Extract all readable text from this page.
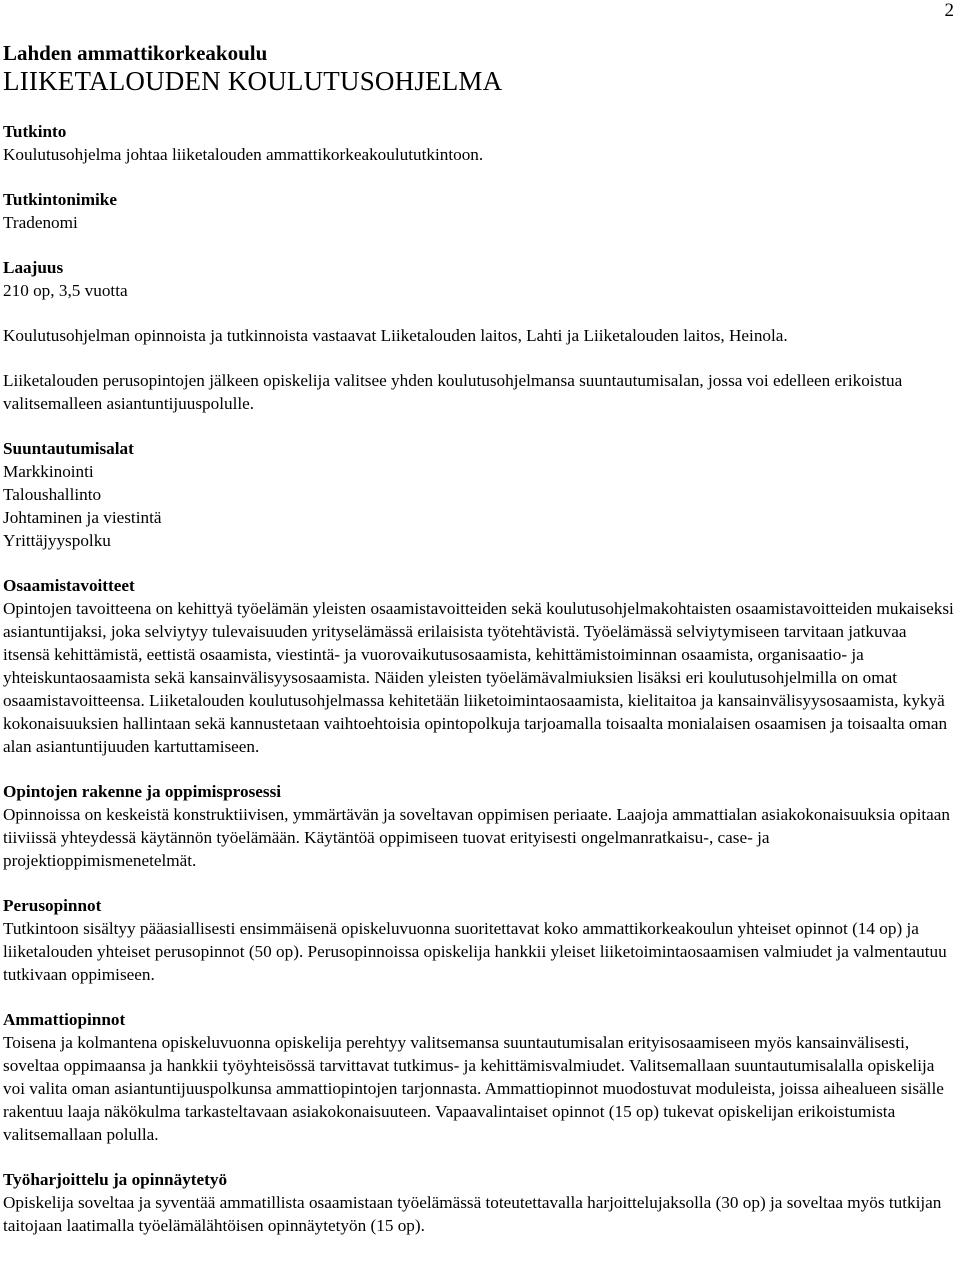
2
Lahden ammattikorkeakoulu
LIIKETALOUDEN KOULUTUSOHJELMA
Tutkinto

Koulutusohjelma johtaa liiketalouden ammattikorkeakoulututkintoon.

Tutkintonimike

Tradenomi

Laajuus

210 op, 3,5 vuotta

Koulutusohjelman opinnoista ja tutkinnoista vastaavat Liiketalouden laitos, Lahti ja Liiketalouden laitos, Heinola.

Liiketalouden perusopintojen jälkeen opiskelija valitsee yhden koulutusohjelmansa suuntautumisalan, jossa voi edelleen erikoistua valitsemalleen asiantuntijuuspolulle.

Suuntautumisalat
Markkinointi
Taloushallinto
Johtaminen ja viestintä
Yrittäjyyspolku
Osaamistavoitteet

Opintojen tavoitteena on kehittyä työelämän yleisten osaamistavoitteiden sekä koulutusohjelmakohtaisten osaamistavoitteiden mukaiseksi asiantuntijaksi, joka selviytyy tulevaisuuden yrityselämässä erilaisista työtehtävistä. Työelämässä selviytymiseen tarvitaan jatkuvaa itsensä kehittämistä, eettistä osaamista, viestintä- ja vuorovaikutusosaamista, kehittämistoiminnan osaamista, organisaatio- ja yhteiskuntaosaamista sekä kansainvälisyysosaamista. Näiden yleisten työelämävalmiuksien lisäksi eri koulutusohjelmilla on omat osaamistavoitteensa. Liiketalouden koulutusohjelmassa kehitetään liiketoimintaosaamista, kielitaitoa ja kansainvälisyysosaamista, kykyä kokonaisuuksien hallintaan sekä kannustetaan vaihtoehtoisia opintopolkuja tarjoamalla toisaalta monialaisen osaamisen ja toisaalta oman alan asiantuntijuuden kartuttamiseen.

Opintojen rakenne ja oppimisprosessi

Opinnoissa on keskeistä konstruktiivisen, ymmärtävän ja soveltavan oppimisen periaate. Laajoja ammattialan asiakokonaisuuksia opitaan tiiviissä yhteydessä käytännön työelämään. Käytäntöä oppimiseen tuovat erityisesti ongelmanratkaisu-, case- ja projektioppimismenetelmät.

Perusopinnot

Tutkintoon sisältyy pääasiallisesti ensimmäisenä opiskeluvuonna suoritettavat koko ammattikorkeakoulun yhteiset opinnot (14 op) ja liiketalouden yhteiset perusopinnot (50 op). Perusopinnoissa opiskelija hankkii yleiset liiketoimintaosaamisen valmiudet ja valmentautuu tutkivaan oppimiseen.

Ammattiopinnot

Toisena ja kolmantena opiskeluvuonna opiskelija perehtyy valitsemansa suuntautumisalan erityisosaamiseen myös kansainvälisesti, soveltaa oppimaansa ja hankkii työyhteisössä tarvittavat tutkimus- ja kehittämisvalmiudet. Valitsemallaan suuntautumisalalla opiskelija voi valita oman asiantuntijuuspolkunsa ammattiopintojen tarjonnasta. Ammattiopinnot muodostuvat moduleista, joissa aihealueen sisälle rakentuu laaja näkökulma tarkasteltavaan asiakokonaisuuteen. Vapaavalintaiset opinnot (15 op) tukevat opiskelijan erikoistumista valitsemallaan polulla.

Työharjoittelu ja opinnäytetyö

Opiskelija soveltaa ja syventää ammatillista osaamistaan työelämässä toteutettavalla harjoittelujaksolla (30 op) ja soveltaa myös tutkijan taitojaan laatimalla työelämälähtöisen opinnäytetyön (15 op).
